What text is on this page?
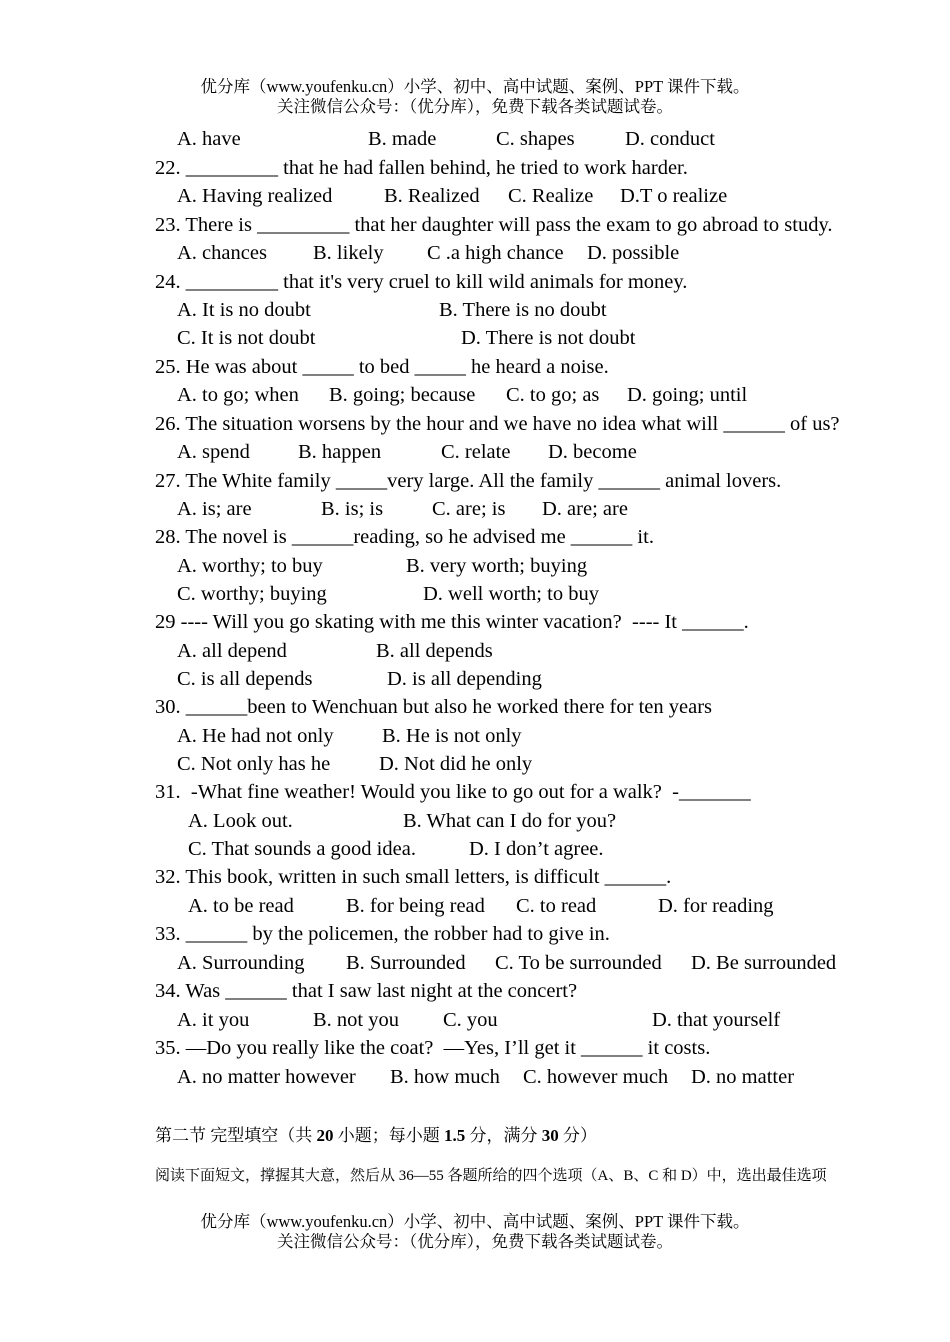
优分库（www.youfenku.cn）小学、初中、高中试题、案例、PPT 课件下载。
关注微信公众号：（优分库），免费下载各类试题试卷。
A. have	B. made	C. shapes D. conduct
22. _________ that he had fallen behind, he tried to work harder.
A. Having realized	B. Realized C. Realize D.T o realize
23. There is _________ that her daughter will pass the exam to go abroad to study.
A. chances B. likely C .a high chance D. possible
24. _________ that it's very cruel to kill wild animals for money.
A. It is no doubt	B. There is no doubt
C. It is not doubt	D. There is not doubt
25. He was about _____ to bed _____ he heard a noise.
A. to go; when B. going; because C. to go; as D. going; until
26. The situation worsens by the hour and we have no idea what will ______ of us?
A. spend B. happen	C. relate D. become
27. The White family _____very large. All the family ______ animal lovers.
A. is; are	B. is; is C. are; is D. are; are
28. The novel is ______reading, so he advised me ______ it.
A. worthy; to buy	B. very worth; buying
C. worthy; buying	D. well worth; to buy
29 ---- Will you go skating with me this winter vacation?  ---- It ______.
A. all depend	B. all depends
C. is all depends	D. is all depending
30. ______been to Wenchuan but also he worked there for ten years
A. He had not only B. He is not only
C. Not only has he D. Not did he only
31.  -What fine weather! Would you like to go out for a walk?  -_______
A. Look out.	B. What can I do for you?
C. That sounds a good idea.	D. I don’t agree.
32. This book, written in such small letters, is difficult ______.
A. to be read	B. for being read C. to read	D. for reading
33. ______ by the policemen, the robber had to give in.
A. Surrounding B. Surrounded C. To be surrounded D. Be surrounded
34. Was ______ that I saw last night at the concert?
A. it you	B. not you C. you	D. that yourself
35. —Do you really like the coat?  —Yes, I’ll get it ______ it costs.
A. no matter however B. how much C. however much D. no matter
第二节 完型填空（共 20 小题；每小题 1.5 分，满分 30 分）
阅读下面短文，撑握其大意，然后从 36—55 各题所给的四个选项（A、B、C 和 D）中，选出最佳选项
优分库（www.youfenku.cn）小学、初中、高中试题、案例、PPT 课件下载。
关注微信公众号：（优分库），免费下载各类试题试卷。
